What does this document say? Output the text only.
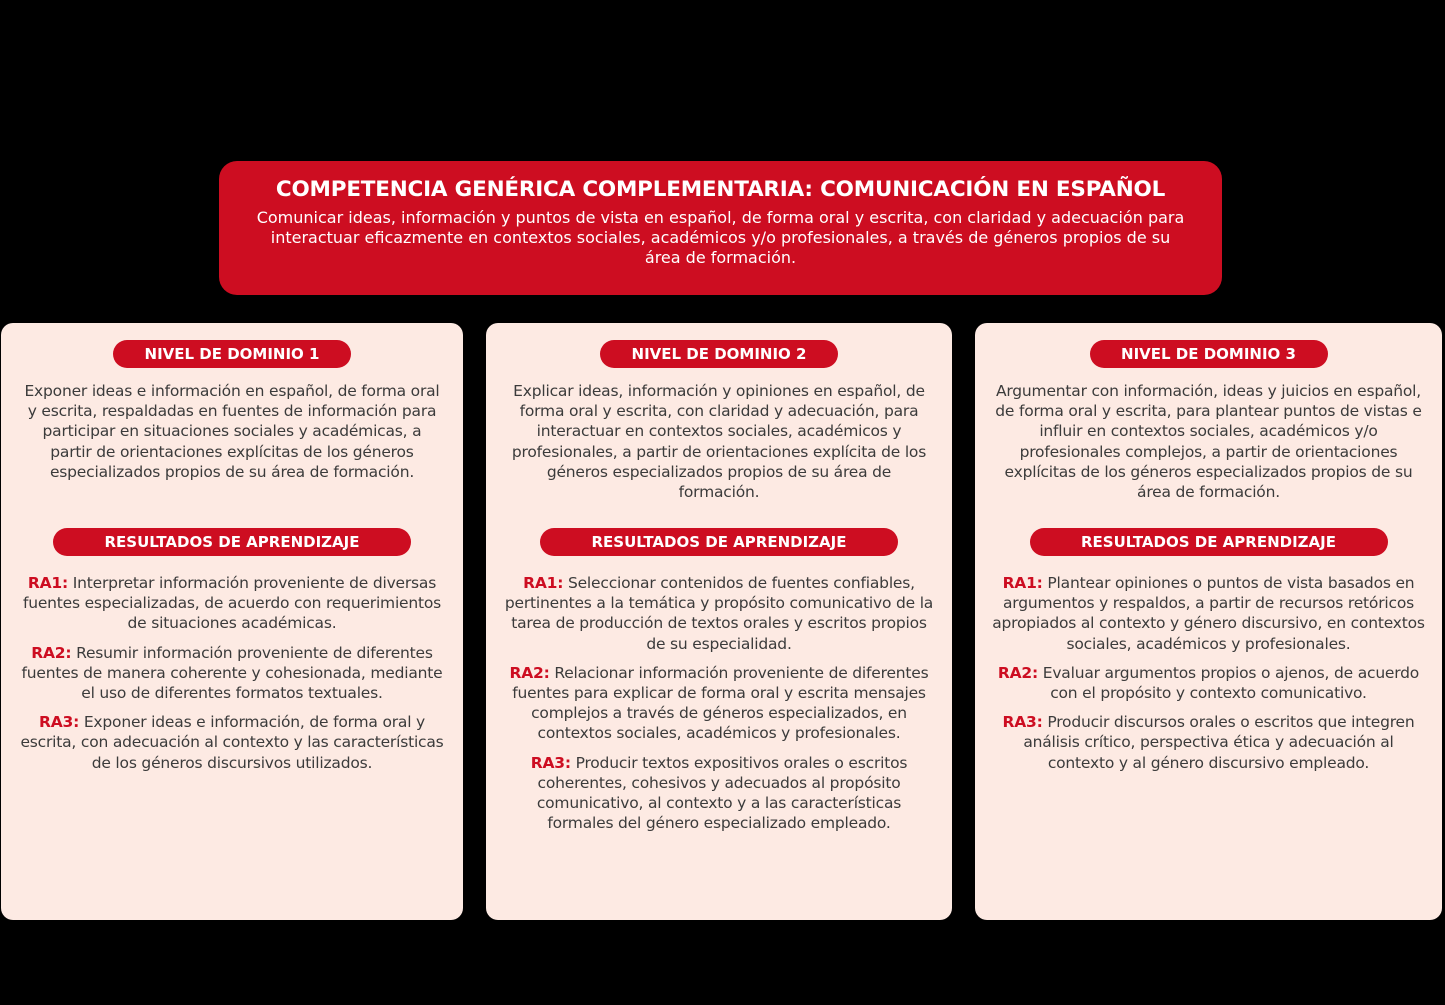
COMPETENCIA GENÉRICA COMPLEMENTARIA: COMUNICACIÓN EN ESPAÑOL
Comunicar ideas, información y puntos de vista en español, de forma oral y escrita, con claridad y adecuación para interactuar eficazmente en contextos sociales, académicos y/o profesionales, a través de géneros propios de su área de formación.
NIVEL DE DOMINIO 1
Exponer ideas e información en español, de forma oral y escrita, respaldadas en fuentes de información para participar en situaciones sociales y académicas, a partir de orientaciones explícitas de los géneros especializados propios de su área de formación.
RESULTADOS DE APRENDIZAJE

RA1: Interpretar información proveniente de diversas fuentes especializadas, de acuerdo con requerimientos de situaciones académicas.

RA2: Resumir información proveniente de diferentes fuentes de manera coherente y cohesionada, mediante el uso de diferentes formatos textuales.

RA3: Exponer ideas e información, de forma oral y escrita, con adecuación al contexto y las características de los géneros discursivos utilizados.

NIVEL DE DOMINIO 2
Explicar ideas, información y opiniones en español, de forma oral y escrita, con claridad y adecuación, para interactuar en contextos sociales, académicos y profesionales, a partir de orientaciones explícita de los géneros especializados propios de su área de formación.
RESULTADOS DE APRENDIZAJE

RA1: Seleccionar contenidos de fuentes confiables, pertinentes a la temática y propósito comunicativo de la tarea de producción de textos orales y escritos propios de su especialidad.

RA2: Relacionar información proveniente de diferentes fuentes para explicar de forma oral y escrita mensajes complejos a través de géneros especializados, en contextos sociales, académicos y profesionales.

RA3: Producir textos expositivos orales o escritos coherentes, cohesivos y adecuados al propósito comunicativo, al contexto y a las características formales del género especializado empleado.

NIVEL DE DOMINIO 3
Argumentar con información, ideas y juicios en español, de forma oral y escrita, para plantear puntos de vistas e influir en contextos sociales, académicos y/o profesionales complejos, a partir de orientaciones explícitas de los géneros especializados propios de su área de formación.
RESULTADOS DE APRENDIZAJE

RA1: Plantear opiniones o puntos de vista basados en argumentos y respaldos, a partir de recursos retóricos apropiados al contexto y género discursivo, en contextos sociales, académicos y profesionales.

RA2: Evaluar argumentos propios o ajenos, de acuerdo con el propósito y contexto comunicativo.

RA3: Producir discursos orales o escritos que integren análisis crítico, perspectiva ética y adecuación al contexto y al género discursivo empleado.
